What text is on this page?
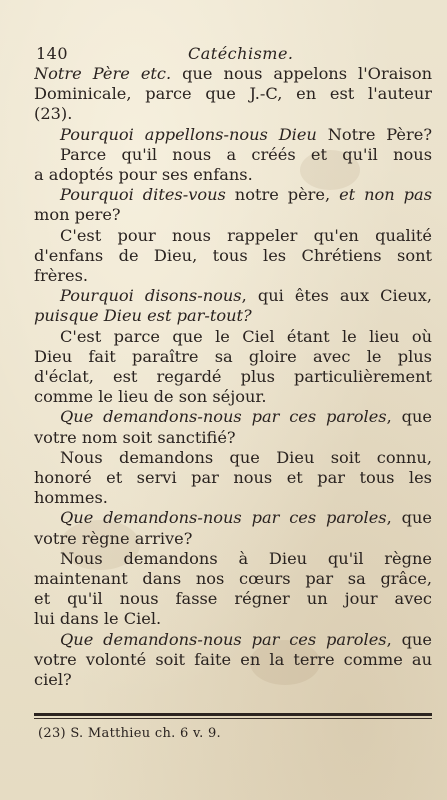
140	Catéchisme.
Notre Père etc. que nous appelons l'Oraison
Dominicale, parce que J.-C, en est l'auteur
(23).
Pourquoi appellons-nous Dieu Notre Père?
Parce qu'il nous a créés et qu'il nous
a adoptés pour ses enfans.
Pourquoi dites-vous notre père, et non pas
mon pere?
C'est pour nous rappeler qu'en qualité
d'enfans de Dieu, tous les Chrétiens sont
frères.
Pourquoi disons-nous, qui êtes aux Cieux,
puisque Dieu est par-tout?
C'est parce que le Ciel étant le lieu où
Dieu fait paraître sa gloire avec le plus
d'éclat, est regardé plus particulièrement
comme le lieu de son séjour.
Que demandons-nous par ces paroles, que
votre nom soit sanctifié?
Nous demandons que Dieu soit connu,
honoré et servi par nous et par tous les
hommes.
Que demandons-nous par ces paroles, que
votre règne arrive?
Nous demandons à Dieu qu'il règne
maintenant dans nos cœurs par sa grâce,
et qu'il nous fasse régner un jour avec
lui dans le Ciel.
Que demandons-nous par ces paroles, que
votre volonté soit faite en la terre comme au
ciel?
(23) S. Matthieu ch. 6 v. 9.
